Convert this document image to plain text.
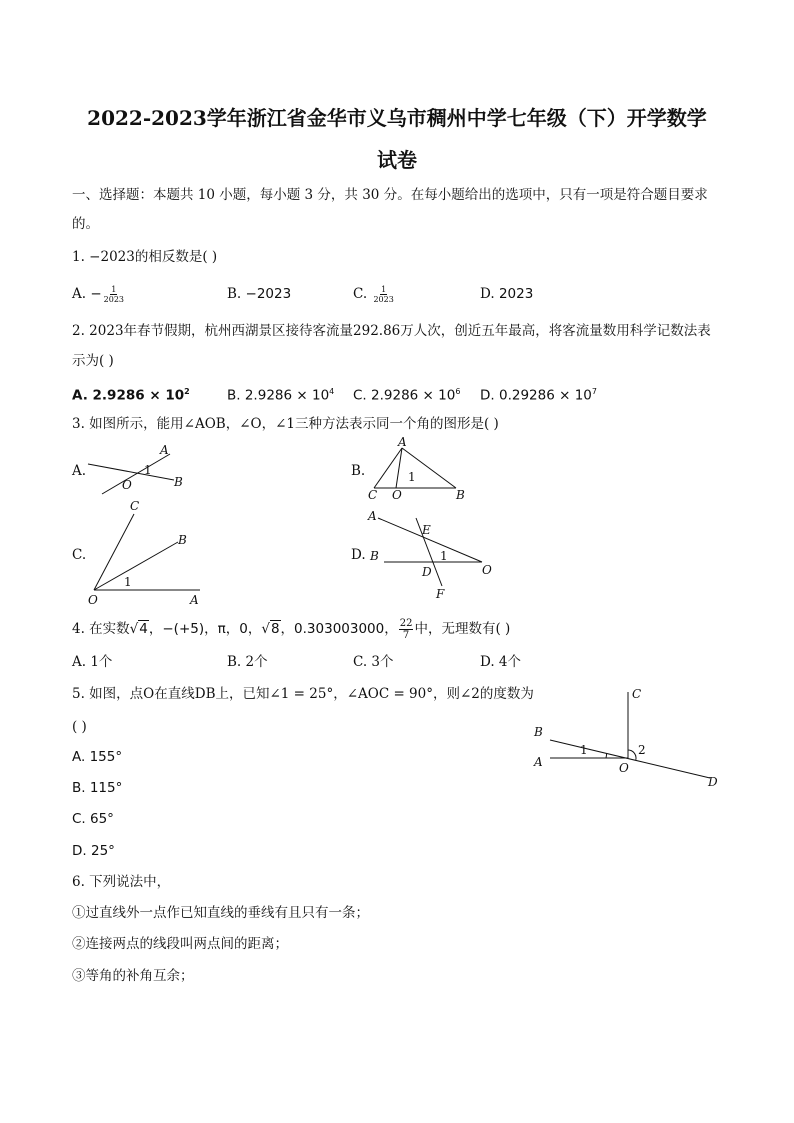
2022-2023学年浙江省金华市义乌市稠州中学七年级（下）开学数学
试卷
一、选择题：本题共 10 小题，每小题 3 分，共 30 分。在每小题给出的选项中，只有一项是符合题目要求
的。
1. −2023的相反数是( )
A. − $\frac{1}{2023}$	B. −2023	C. $\frac{1}{2023}$	D. 2023
2. 2023年春节假期，杭州西湖景区接待客流量292.86万人次，创近五年最高，将客流量数用科学记数法表
示为( )
A. $2.9286 \times 10^2$	B. $2.9286 \times 10^4$ C. $2.9286 \times 10^6$ D. $0.29286 \times 10^7$
3. 如图所示，能用∠AOB，∠O，∠1三种方法表示同一个角的图形是( )
A.
A
1
O	B
B.
A
1
C O	B
C.
C
B
1
O	A
D.
A
E
B	1
D	O
F
4. 在实数√4，−(+5)，π，0，√8，0.303003000， $\frac{22}{7}$ 中，无理数有( )
A. 1个	B. 2个	C. 3个	D. 4个
5. 如图，点O在直线DB上，已知∠1 = 25°，∠AOC = 90°，则∠2的度数为
( )
A. 155°
B. 115°
C. 65°
D. 25°
C
B
1	2
A	O
D
6. 下列说法中，
①过直线外一点作已知直线的垂线有且只有一条；
②连接两点的线段叫两点间的距离；
③等角的补角互余；
